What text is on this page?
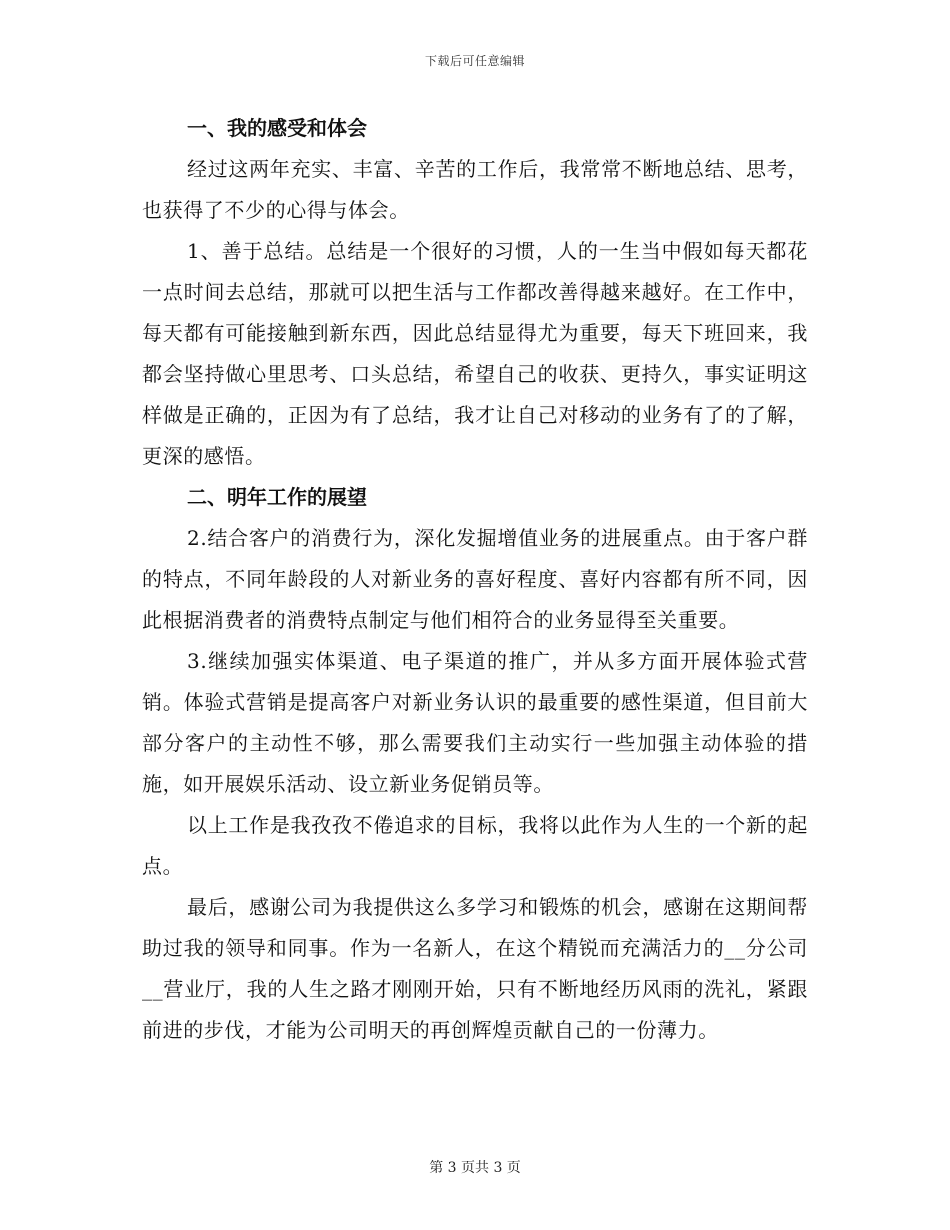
下载后可任意编辑

一、我的感受和体会

经过这两年充实、丰富、辛苦的工作后，我常常不断地总结、思考，也获得了不少的心得与体会。

1、善于总结。总结是一个很好的习惯，人的一生当中假如每天都花一点时间去总结，那就可以把生活与工作都改善得越来越好。在工作中，每天都有可能接触到新东西，因此总结显得尤为重要，每天下班回来，我都会坚持做心里思考、口头总结，希望自己的收获、更持久，事实证明这样做是正确的，正因为有了总结，我才让自己对移动的业务有了的了解，更深的感悟。

二、明年工作的展望

2.结合客户的消费行为，深化发掘增值业务的进展重点。由于客户群的特点，不同年龄段的人对新业务的喜好程度、喜好内容都有所不同，因此根据消费者的消费特点制定与他们相符合的业务显得至关重要。

3.继续加强实体渠道、电子渠道的推广，并从多方面开展体验式营销。体验式营销是提高客户对新业务认识的最重要的感性渠道，但目前大部分客户的主动性不够，那么需要我们主动实行一些加强主动体验的措施，如开展娱乐活动、设立新业务促销员等。

以上工作是我孜孜不倦追求的目标，我将以此作为人生的一个新的起点。

最后，感谢公司为我提供这么多学习和锻炼的机会，感谢在这期间帮助过我的领导和同事。作为一名新人，在这个精锐而充满活力的__分公司__营业厅，我的人生之路才刚刚开始，只有不断地经历风雨的洗礼，紧跟前进的步伐，才能为公司明天的再创辉煌贡献自己的一份薄力。

第 3 页共 3 页
